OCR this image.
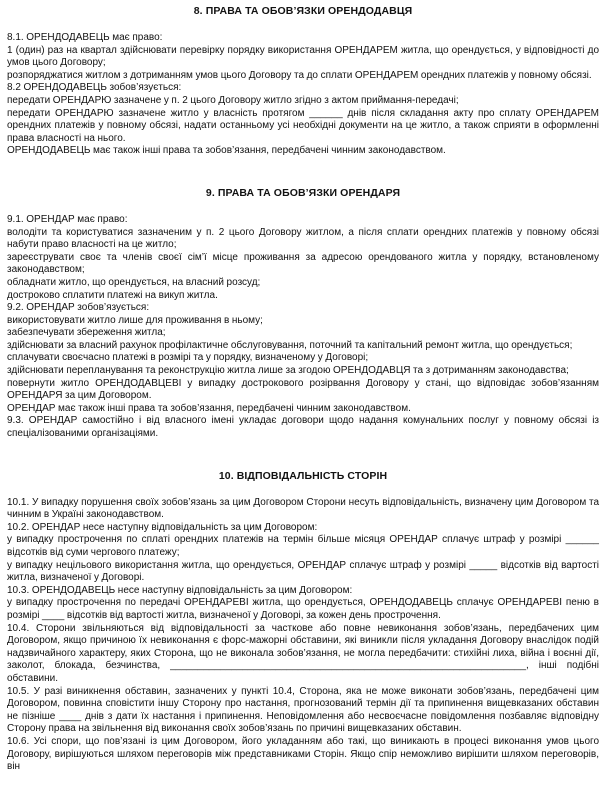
8. ПРАВА ТА ОБОВ’ЯЗКИ ОРЕНДОДАВЦЯ

8.1. ОРЕНДОДАВЕЦЬ має право:

1 (один) раз на квартал здійснювати перевірку порядку використання ОРЕНДАРЕМ житла, що орендується, у відповідності до умов цього Договору;

розпоряджатися житлом з дотриманням умов цього Договору та до сплати ОРЕНДАРЕМ орендних платежів у повному обсязі.

8.2 ОРЕНДОДАВЕЦЬ зобов’язується:

передати ОРЕНДАРЮ зазначене у п. 2 цього Договору житло згідно з актом приймання-передачі;

передати ОРЕНДАРЮ зазначене житло у власність протягом ______ днів після складання акту про сплату ОРЕНДАРЕМ орендних платежів у повному обсязі, надати останньому усі необхідні документи на це житло, а також сприяти в оформленні права власності на нього.

ОРЕНДОДАВЕЦЬ має також інші права та зобов’язання, передбачені чинним законодавством.

9. ПРАВА ТА ОБОВ’ЯЗКИ ОРЕНДАРЯ

9.1. ОРЕНДАР має право:

володіти та користуватися зазначеним у п. 2 цього Договору житлом, а після сплати орендних платежів у повному обсязі набути право власності на це житло;

зареєструвати своє та членів своєї сім’ї місце проживання за адресою орендованого житла у порядку, встановленому законодавством;

обладнати житло, що орендується, на власний розсуд;

достроково сплатити платежі на викуп житла.

9.2. ОРЕНДАР зобов’язується:

використовувати житло лише для проживання в ньому;

забезпечувати збереження житла;

здійснювати за власний рахунок профілактичне обслуговування, поточний та капітальний ремонт житла, що орендується;

сплачувати своєчасно платежі в розмірі та у порядку, визначеному у Договорі;

здійснювати перепланування та реконструкцію житла лише за згодою ОРЕНДОДАВЦЯ та з дотриманням законодавства;

повернути житло ОРЕНДОДАВЦЕВІ у випадку дострокового розірвання Договору у стані, що відповідає зобов’язанням ОРЕНДАРЯ за цим Договором.

ОРЕНДАР має також інші права та зобов’язання, передбачені чинним законодавством.

9.3. ОРЕНДАР самостійно і від власного імені укладає договори щодо надання комунальних послуг у повному обсязі із спеціалізованими організаціями.

10. ВІДПОВІДАЛЬНІСТЬ СТОРІН

10.1. У випадку порушення своїх зобов’язань за цим Договором Сторони несуть відповідальність, визначену цим Договором та чинним в Україні законодавством.

10.2. ОРЕНДАР несе наступну відповідальність за цим Договором:

у випадку прострочення по сплаті орендних платежів на термін більше місяця ОРЕНДАР сплачує штраф у розмірі ______ відсотків від суми чергового платежу;

у випадку нецільового використання житла, що орендується, ОРЕНДАР сплачує штраф у розмірі _____ відсотків від вартості житла, визначеної у Договорі.

10.3. ОРЕНДОДАВЕЦЬ несе наступну відповідальність за цим Договором:

у випадку прострочення по передачі ОРЕНДАРЕВІ житла, що орендується, ОРЕНДОДАВЕЦЬ сплачує ОРЕНДАРЕВІ пеню в розмірі ____ відсотків від вартості житла, визначеної у Договорі, за кожен день прострочення.

10.4. Сторони звільняються від відповідальності за часткове або повне невиконання зобов’язань, передбачених цим Договором, якщо причиною їх невиконання є форс-мажорні обставини, які виникли після укладання Договору внаслідок подій надзвичайного характеру, яких Сторона, що не виконала зобов’язання, не могла передбачити: стихійні лиха, війна і воєнні дії, заколот, блокада, безчинства, ________________________________________________________________, інші подібні обставини.

10.5. У разі виникнення обставин, зазначених у пункті 10.4, Сторона, яка не може виконати зобов’язань, передбачені цим Договором, повинна сповістити іншу Сторону про настання, прогнозований термін дії та припинення вищевказаних обставин не пізніше ____ днів з дати їх настання і припинення. Неповідомлення або несвоєчасне повідомлення позбавляє відповідну Сторону права на звільнення від виконання своїх зобов’язань по причині вищевказаних обставин.

10.6. Усі спори, що пов’язані із цим Договором, його укладанням або такі, що виникають в процесі виконання умов цього Договору, вирішуються шляхом переговорів між представниками Сторін. Якщо спір неможливо вирішити шляхом переговорів, він
